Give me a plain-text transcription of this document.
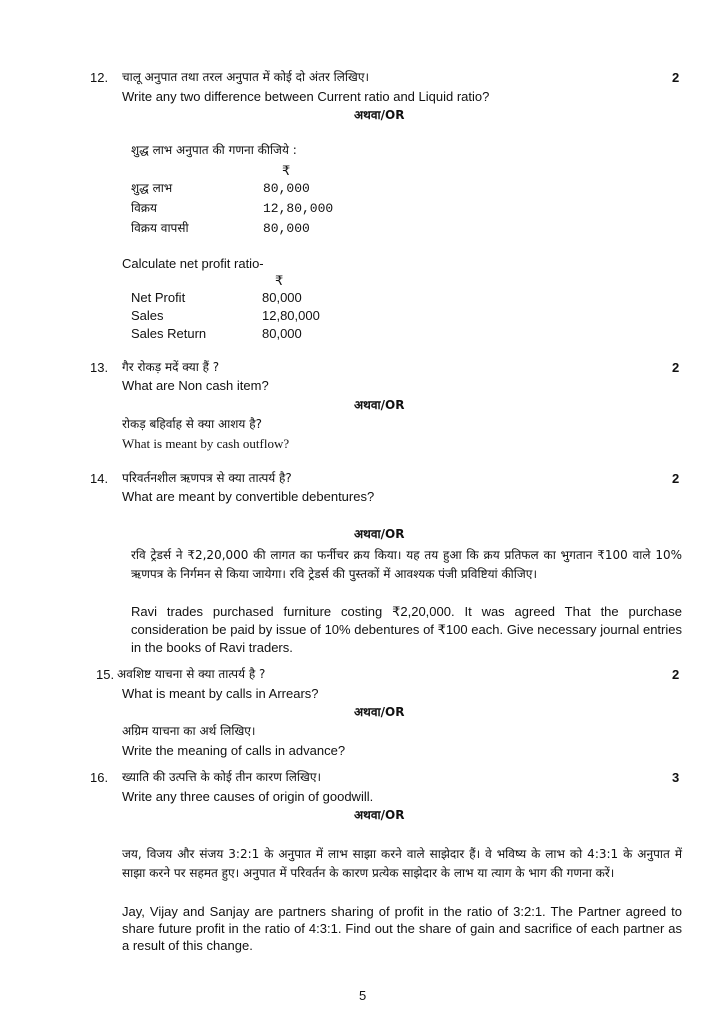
12. चालू अनुपात तथा तरल अनुपात में कोई दो अंतर लिखिए।	2
Write any two difference between Current ratio and Liquid ratio?
अथवा/OR
शुद्ध लाभ अनुपात की गणना कीजिये :
₹
शुद्ध लाभ	80,000
विक्रय	12,80,000
विक्रय वापसी	80,000
Calculate net profit ratio-
₹
Net Profit	80,000
Sales	12,80,000
Sales Return	80,000
13. गैर रोकड़ मदें क्या हैं ?	2
What are Non cash item?
अथवा/OR
रोकड़ बहिर्वाह से क्या आशय है?
What is meant by cash outflow?
14. परिवर्तनशील ऋणपत्र से क्या तात्पर्य है?	2
What are meant by convertible debentures?
अथवा/OR
रवि ट्रेडर्स ने ₹2,20,000 की लागत का फर्नीचर क्रय किया। यह तय हुआ कि क्रय प्रतिफल का भुगतान ₹100 वाले 10% ऋणपत्र के निर्गमन से किया जायेगा। रवि ट्रेडर्स की पुस्तकों में आवश्यक पंजी प्रविष्टियां कीजिए।
Ravi trades purchased furniture costing ₹2,20,000. It was agreed That the purchase consideration be paid by issue of 10% debentures of ₹100 each. Give necessary journal entries in the books of Ravi traders.
15. अवशिष्ट याचना से क्या तात्पर्य है ?	2
What is meant by calls in Arrears?
अथवा/OR
अग्रिम याचना का अर्थ लिखिए।
Write the meaning of calls in advance?
16. ख्याति की उत्पत्ति के कोई तीन कारण लिखिए।	3
Write any three causes of origin of goodwill.
अथवा/OR
जय, विजय और संजय 3:2:1 के अनुपात में लाभ साझा करने वाले साझेदार हैं। वे भविष्य के लाभ को 4:3:1 के अनुपात में साझा करने पर सहमत हुए। अनुपात में परिवर्तन के कारण प्रत्येक साझेदार के लाभ या त्याग के भाग की गणना करें।
Jay, Vijay and Sanjay are partners sharing of profit in the ratio of 3:2:1. The Partner agreed to share future profit in the ratio of 4:3:1. Find out the share of gain and sacrifice of each partner as a result of this change.
5
